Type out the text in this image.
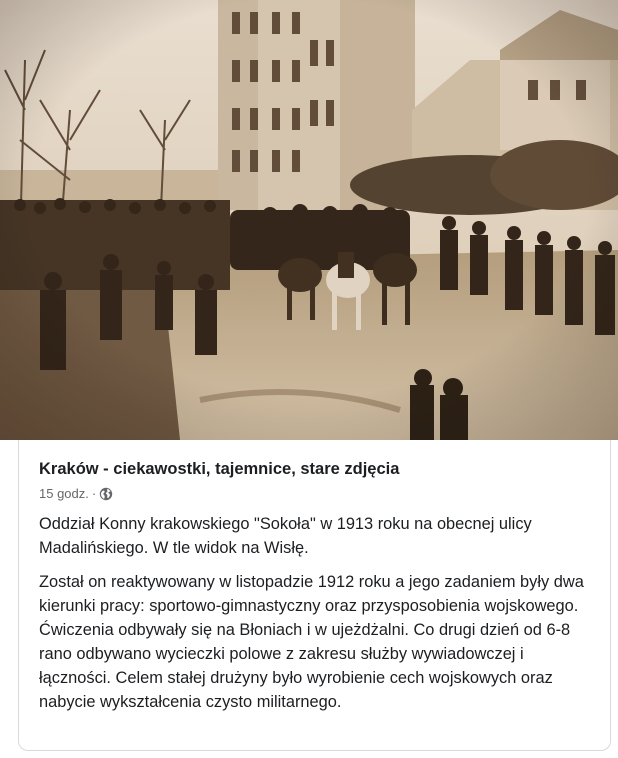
Kraków - ciekawostki, tajemnice, stare zdjęcia
15 godz. ·

Oddział Konny krakowskiego "Sokoła" w 1913 roku na obecnej ulicy Madalińskiego. W tle widok na Wisłę.

Został on reaktywowany w listopadzie 1912 roku a jego zadaniem były dwa kierunki pracy: sportowo-gimnastyczny oraz przysposobienia wojskowego. Ćwiczenia odbywały się na Błoniach i w ujeżdżalni. Co drugi dzień od 6-8 rano odbywano wycieczki polowe z zakresu służby wywiadowczej i łączności. Celem stałej drużyny było wyrobienie cech wojskowych oraz nabycie wykształcenia czysto militarnego.
